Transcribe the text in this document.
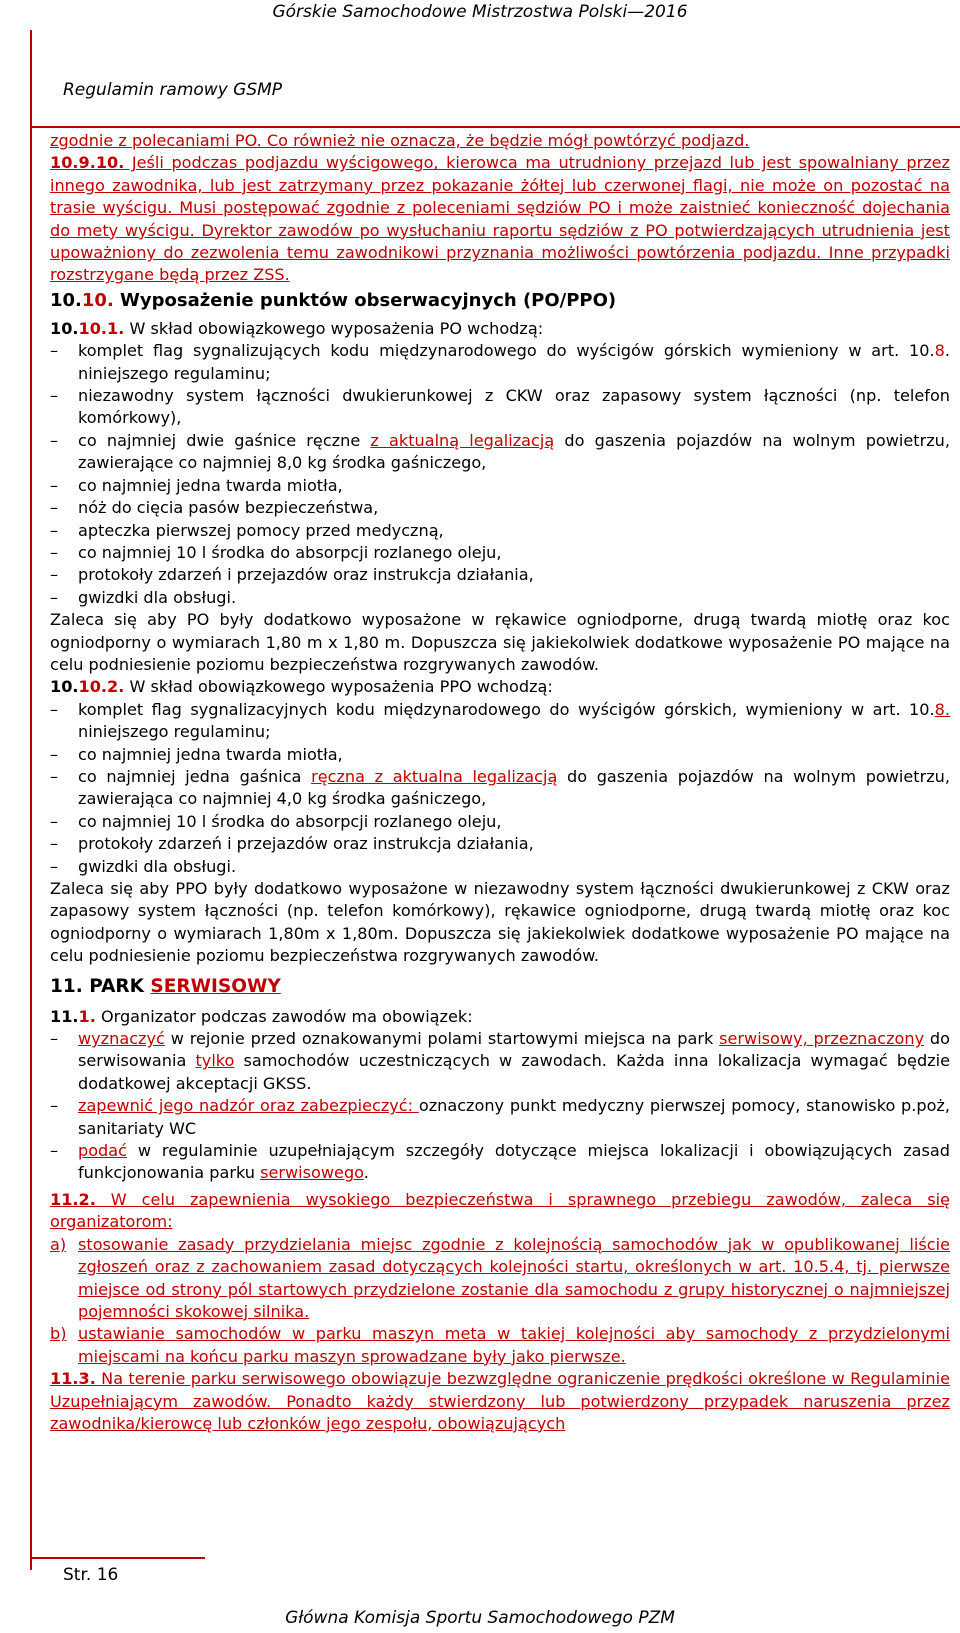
Górskie Samochodowe Mistrzostwa Polski—2016
Regulamin ramowy GSMP

zgodnie z polecaniami PO. Co również nie oznacza, że będzie mógł powtórzyć podjazd.

10.9.10. Jeśli podczas podjazdu wyścigowego, kierowca ma utrudniony przejazd lub jest spowalniany przez innego zawodnika, lub jest zatrzymany przez pokazanie żółtej lub czerwonej flagi, nie może on pozostać na trasie wyścigu. Musi postępować zgodnie z poleceniami sędziów PO i może zaistnieć konieczność dojechania do mety wyścigu. Dyrektor zawodów po wysłuchaniu raportu sędziów z PO potwierdzających utrudnienia jest upoważniony do zezwolenia temu zawodnikowi przyznania możliwości powtórzenia podjazdu. Inne przypadki rozstrzygane będą przez ZSS.

10.10. Wyposażenie punktów obserwacyjnych (PO/PPO)

10.10.1. W skład obowiązkowego wyposażenia PO wchodzą:

– komplet flag sygnalizujących kodu międzynarodowego do wyścigów górskich wymieniony w art. 10.8. niniejszego regulaminu;
– niezawodny system łączności dwukierunkowej z CKW oraz zapasowy system łączności (np. telefon komórkowy),
– co najmniej dwie gaśnice ręczne z aktualną legalizacją do gaszenia pojazdów na wolnym powietrzu, zawierające co najmniej 8,0 kg środka gaśniczego,
– co najmniej jedna twarda miotła,
– nóż do cięcia pasów bezpieczeństwa,
– apteczka pierwszej pomocy przed medyczną,
– co najmniej 10 l środka do absorpcji rozlanego oleju,
– protokoły zdarzeń i przejazdów oraz instrukcja działania,
– gwizdki dla obsługi.

Zaleca się aby PO były dodatkowo wyposażone w rękawice ogniodporne, drugą twardą miotłę oraz koc ogniodporny o wymiarach 1,80 m x 1,80 m. Dopuszcza się jakiekolwiek dodatkowe wyposażenie PO mające na celu podniesienie poziomu bezpieczeństwa rozgrywanych zawodów.

10.10.2. W skład obowiązkowego wyposażenia PPO wchodzą:

– komplet flag sygnalizacyjnych kodu międzynarodowego do wyścigów górskich, wymieniony w art. 10.8. niniejszego regulaminu;
– co najmniej jedna twarda miotła,
– co najmniej jedna gaśnica ręczna z aktualna legalizacją do gaszenia pojazdów na wolnym powietrzu, zawierająca co najmniej 4,0 kg środka gaśniczego,
– co najmniej 10 l środka do absorpcji rozlanego oleju,
– protokoły zdarzeń i przejazdów oraz instrukcja działania,
– gwizdki dla obsługi.

Zaleca się aby PPO były dodatkowo wyposażone w niezawodny system łączności dwukierunkowej z CKW oraz zapasowy system łączności (np. telefon komórkowy), rękawice ogniodporne, drugą twardą miotłę oraz koc ogniodporny o wymiarach 1,80m x 1,80m. Dopuszcza się jakiekolwiek dodatkowe wyposażenie PO mające na celu podniesienie poziomu bezpieczeństwa rozgrywanych zawodów.

11. PARK SERWISOWY

11.1. Organizator podczas zawodów ma obowiązek:

– wyznaczyć w rejonie przed oznakowanymi polami startowymi miejsca na park serwisowy, przeznaczony do serwisowania tylko samochodów uczestniczących w zawodach. Każda inna lokalizacja wymagać będzie dodatkowej akceptacji GKSS.
– zapewnić jego nadzór oraz zabezpieczyć: oznaczony punkt medyczny pierwszej pomocy, stanowisko p.poż, sanitariaty WC
– podać w regulaminie uzupełniającym szczegóły dotyczące miejsca lokalizacji i obowiązujących zasad funkcjonowania parku serwisowego.

11.2. W celu zapewnienia wysokiego bezpieczeństwa i sprawnego przebiegu zawodów, zaleca się organizatorom:

a) stosowanie zasady przydzielania miejsc zgodnie z kolejnością samochodów jak w opublikowanej liście zgłoszeń oraz z zachowaniem zasad dotyczących kolejności startu, określonych w art. 10.5.4, tj. pierwsze miejsce od strony pól startowych przydzielone zostanie dla samochodu z grupy historycznej o najmniejszej pojemności skokowej silnika.

b) ustawianie samochodów w parku maszyn meta w takiej kolejności aby samochody z przydzielonymi miejscami na końcu parku maszyn sprowadzane były jako pierwsze.

11.3. Na terenie parku serwisowego obowiązuje bezwzględne ograniczenie prędkości określone w Regulaminie Uzupełniającym zawodów. Ponadto każdy stwierdzony lub potwierdzony przypadek naruszenia przez zawodnika/kierowcę lub członków jego zespołu, obowiązujących

Str. 16
Główna Komisja Sportu Samochodowego PZM
